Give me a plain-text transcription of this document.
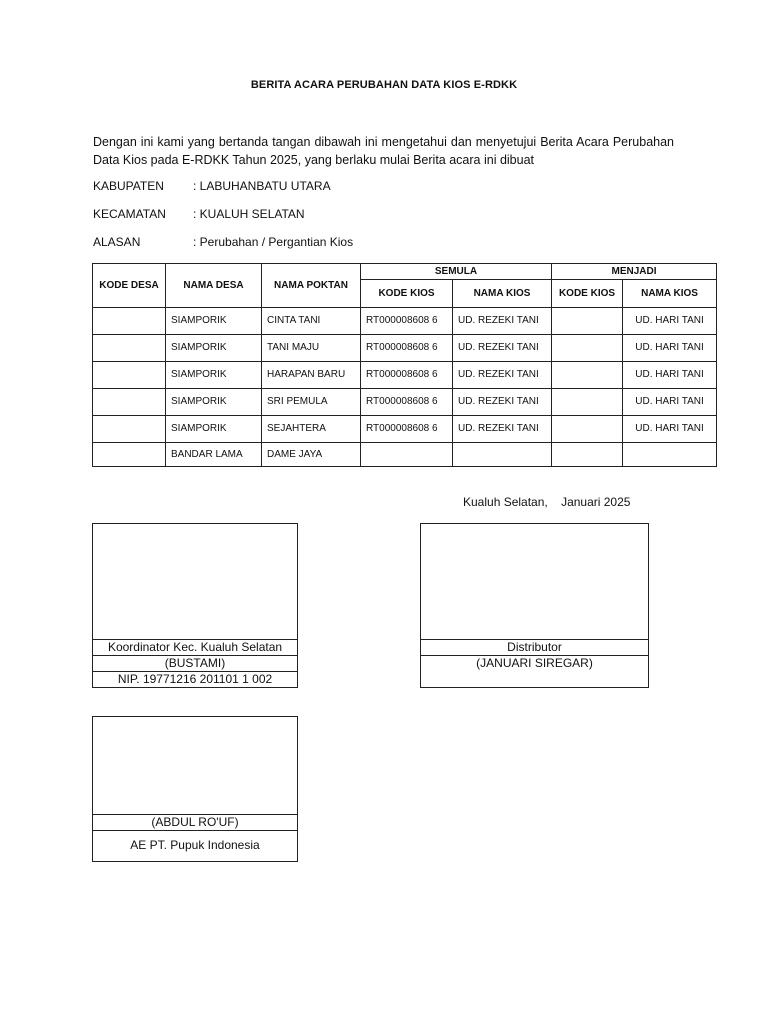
BERITA ACARA PERUBAHAN DATA KIOS E-RDKK
Dengan ini kami yang bertanda tangan dibawah ini mengetahui dan menyetujui Berita Acara Perubahan Data Kios pada E-RDKK Tahun 2025, yang berlaku mulai Berita acara ini dibuat
KABUPATEN : LABUHANBATU UTARA
KECAMATAN : KUALUH SELATAN
ALASAN	: Perubahan / Pergantian Kios
KODE DESA	NAMA DESA	NAMA POKTAN	SEMULA		MENJADI	
			KODE KIOS	NAMA KIOS	KODE KIOS	NAMA KIOS
	SIAMPORIK	CINTA TANI	RT000008608 6	UD. REZEKI TANI		UD. HARI TANI
	SIAMPORIK	TANI MAJU	RT000008608 6	UD. REZEKI TANI		UD. HARI TANI
	SIAMPORIK	HARAPAN BARU	RT000008608 6	UD. REZEKI TANI		UD. HARI TANI
	SIAMPORIK	SRI PEMULA	RT000008608 6	UD. REZEKI TANI		UD. HARI TANI
	SIAMPORIK	SEJAHTERA	RT000008608 6	UD. REZEKI TANI		UD. HARI TANI
	BANDAR LAMA	DAME JAYA				
Kualuh Selatan,    Januari 2025
Koordinator Kec. Kualuh Selatan
(BUSTAMI)
NIP. 19771216 201101 1 002
Distributor
(JANUARI SIREGAR)
(ABDUL RO'UF)
AE PT. Pupuk Indonesia
